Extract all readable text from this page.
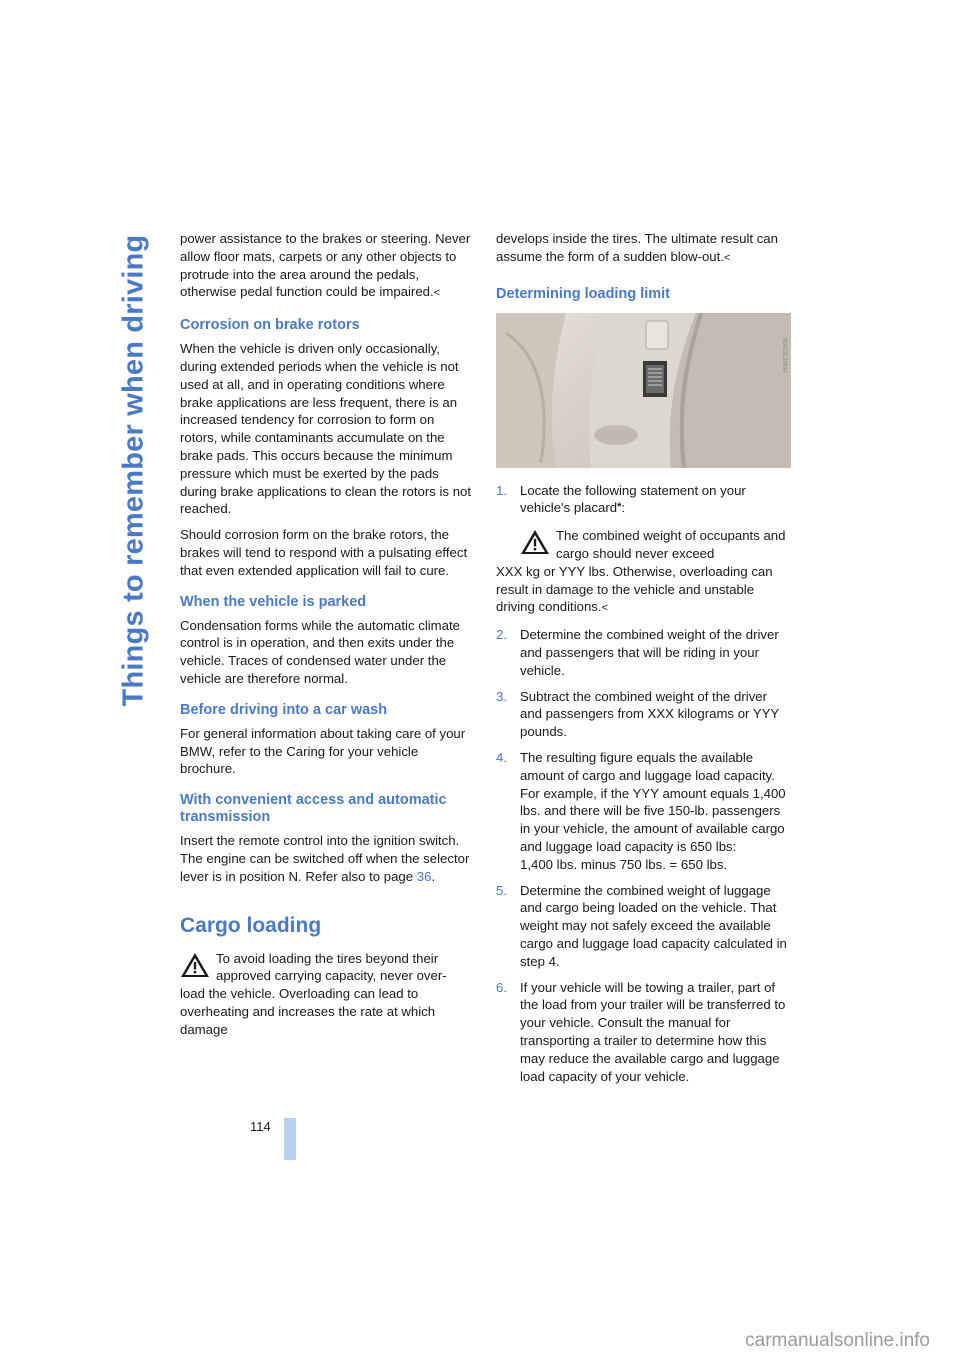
Things to remember when driving power assistance to the brakes or steering. Never allow floor mats, carpets or any other objects to protrude into the area around the pedals, otherwise pedal function could be impaired.<

Corrosion on brake rotors

When the vehicle is driven only occasionally, during extended periods when the vehicle is not used at all, and in operating conditions where brake applications are less frequent, there is an increased tendency for corrosion to form on rotors, while contaminants accumulate on the brake pads. This occurs because the minimum pressure which must be exerted by the pads during brake applications to clean the rotors is not reached.

Should corrosion form on the brake rotors, the brakes will tend to respond with a pulsating effect that even extended application will fail to cure.

When the vehicle is parked

Condensation forms while the automatic climate control is in operation, and then exits under the vehicle. Traces of condensed water under the vehicle are therefore normal.

Before driving into a car wash

For general information about taking care of your BMW, refer to the Caring for your vehicle brochure.

With convenient access and automatic transmission

Insert the remote control into the ignition switch.
The engine can be switched off when the selector lever is in position N. Refer also to page 36.

Cargo loading

To avoid loading the tires beyond their approved carrying capacity, never over-
load the vehicle. Overloading can lead to overheating and increases the rate at which damage

develops inside the tires. The ultimate result can assume the form of a sudden blow-out.<

Determining loading limit
WA03120MA
1. Locate the following statement on your vehicle's placard*:

The combined weight of occupants and cargo should never exceed
XXX kg or YYY lbs. Otherwise, overloading can result in damage to the vehicle and unstable driving conditions.<

2. Determine the combined weight of the driver and passengers that will be riding in your vehicle.
3. Subtract the combined weight of the driver and passengers from XXX kilograms or YYY pounds.
4. The resulting figure equals the available amount of cargo and luggage load capacity. For example, if the YYY amount equals 1,400 lbs. and there will be five 150-lb. passengers in your vehicle, the amount of available cargo and luggage load capacity is 650 lbs:
1,400 lbs. minus 750 lbs. = 650 lbs.
5. Determine the combined weight of luggage and cargo being loaded on the vehicle. That weight may not safely exceed the available cargo and luggage load capacity calculated in step 4.
6. If your vehicle will be towing a trailer, part of the load from your trailer will be transferred to your vehicle. Consult the manual for transporting a trailer to determine how this may reduce the available cargo and luggage load capacity of your vehicle.
114
carmanualsonline.info
